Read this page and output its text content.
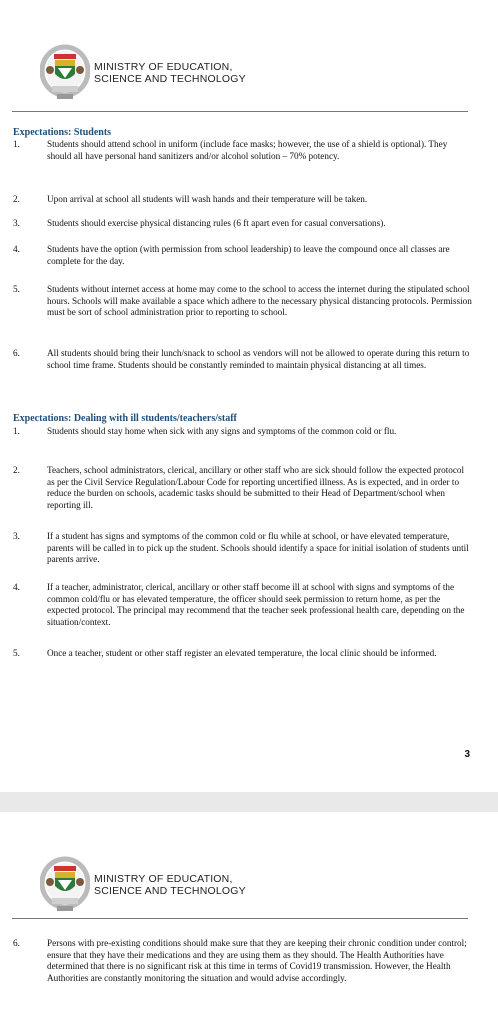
MINISTRY OF EDUCATION,
SCIENCE AND TECHNOLOGY
Expectations: Students
1.	Students should attend school in uniform (include face masks; however, the use of a shield is optional). They should all have personal hand sanitizers and/or alcohol solution – 70% potency.
2.	Upon arrival at school all students will wash hands and their temperature will be taken.
3.	Students should exercise physical distancing rules (6 ft apart even for casual conversations).
4.	Students have the option (with permission from school leadership) to leave the compound once all classes are complete for the day.
5.	Students without internet access at home may come to the school to access the internet during the stipulated school hours. Schools will make available a space which adhere to the necessary physical distancing protocols. Permission must be sort of school administration prior to reporting to school.
6.	All students should bring their lunch/snack to school as vendors will not be allowed to operate during this return to school time frame. Students should be constantly reminded to maintain physical distancing at all times.
Expectations: Dealing with ill students/teachers/staff
1.	Students should stay home when sick with any signs and symptoms of the common cold or flu.
2.	Teachers, school administrators, clerical, ancillary or other staff who are sick should follow the expected protocol as per the Civil Service Regulation/Labour Code for reporting uncertified illness. As is expected, and in order to reduce the burden on schools, academic tasks should be submitted to their Head of Department/school when reporting ill.
3.	If a student has signs and symptoms of the common cold or flu while at school, or have elevated temperature, parents will be called in to pick up the student. Schools should identify a space for initial isolation of students until parents arrive.
4.	If a teacher, administrator, clerical, ancillary or other staff become ill at school with signs and symptoms of the common cold/flu or has elevated temperature, the officer should seek permission to return home, as per the expected protocol. The principal may recommend that the teacher seek professional health care, depending on the situation/context.
5.	Once a teacher, student or other staff register an elevated temperature, the local clinic should be informed.
3
MINISTRY OF EDUCATION,
SCIENCE AND TECHNOLOGY
6.	Persons with pre-existing conditions should make sure that they are keeping their chronic condition under control; ensure that they have their medications and they are using them as they should. The Health Authorities have determined that there is no significant risk at this time in terms of Covid19 transmission. However, the Health Authorities are constantly monitoring the situation and would advise accordingly.
